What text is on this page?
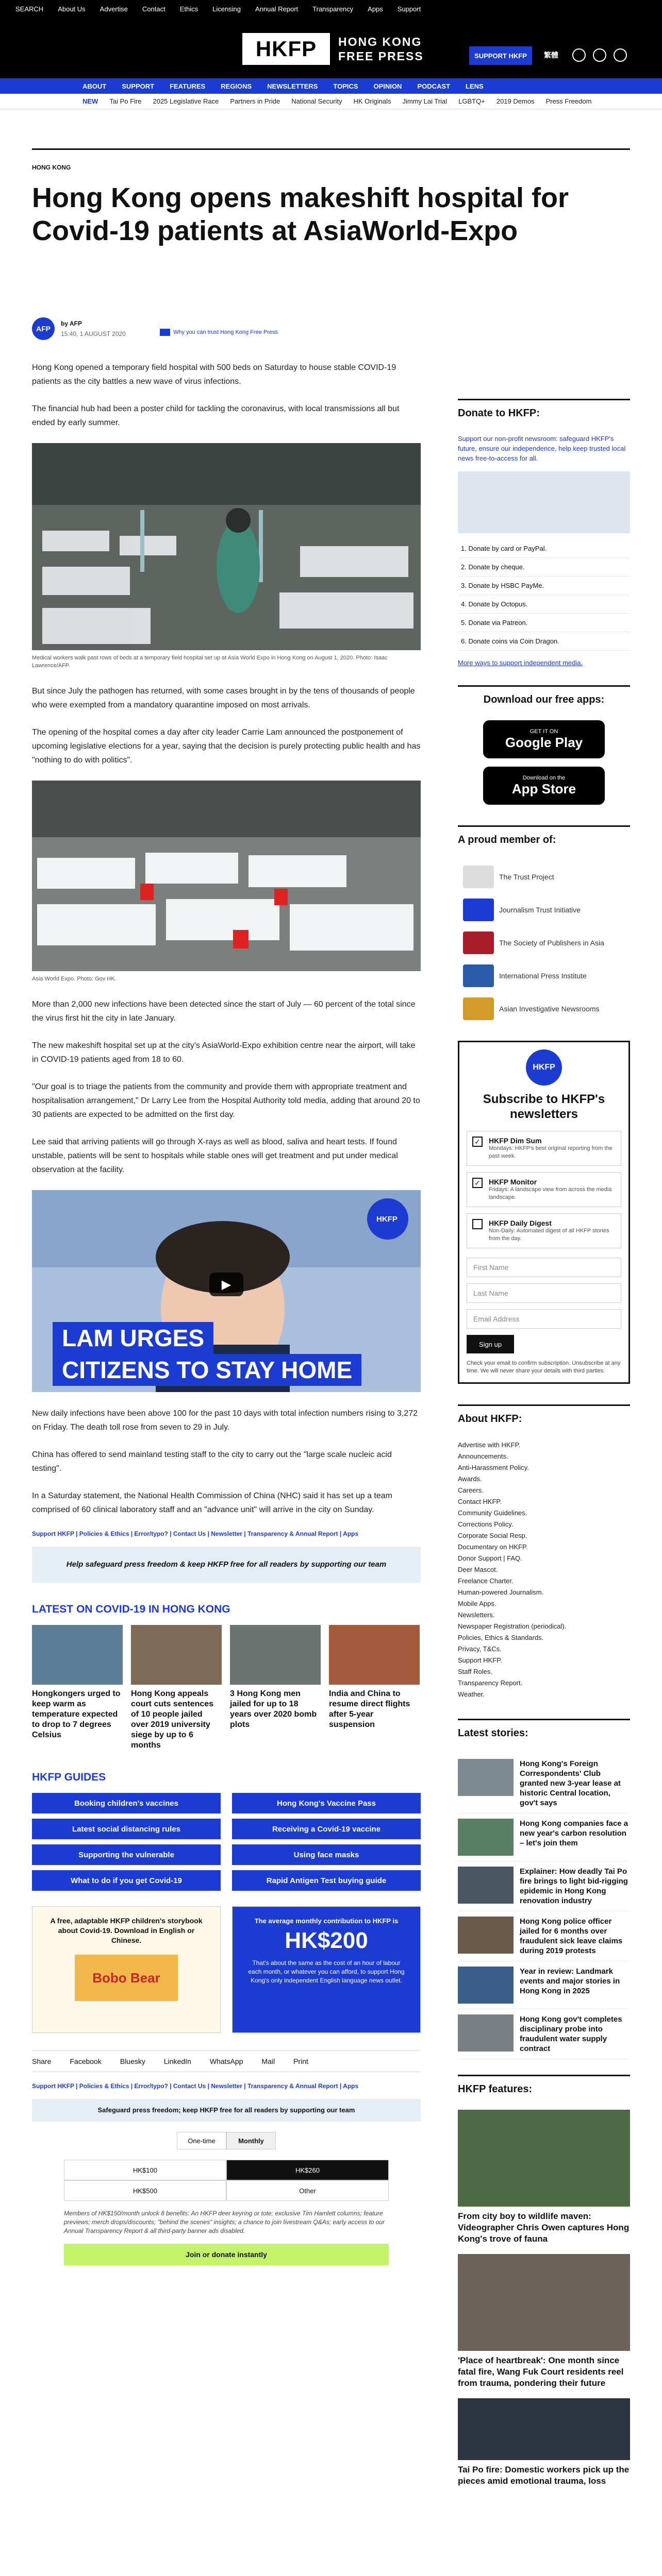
SEARCH About Us Advertise Contact Ethics Licensing Annual Report Transparency Apps Support
HKFP	HONG KONG
FREE PRESS	SUPPORT HKFP	繁體
ABOUT SUPPORT FEATURES REGIONS NEWSLETTERS TOPICS OPINION PODCAST LENS
NEW Tai Po Fire 2025 Legislative Race Partners in Pride National Security HK Originals Jimmy Lai Trial LGBTQ+ 2019 Demos Press Freedom
HONG KONG
Hong Kong opens makeshift hospital for Covid-19 patients at AsiaWorld-Expo
AFP
by AFP
15:40, 1 AUGUST 2020	Why you can trust Hong Kong Free Press

Hong Kong opened a temporary field hospital with 500 beds on Saturday to house stable COVID-19 patients as the city battles a new wave of virus infections.

The financial hub had been a poster child for tackling the coronavirus, with local transmissions all but ended by early summer.

Medical workers walk past rows of beds at a temporary field hospital set up at Asia World Expo in Hong Kong on August 1, 2020. Photo: Isaac Lawrence/AFP.

But since July the pathogen has returned, with some cases brought in by the tens of thousands of people who were exempted from a mandatory quarantine imposed on most arrivals.

The opening of the hospital comes a day after city leader Carrie Lam announced the postponement of upcoming legislative elections for a year, saying that the decision is purely protecting public health and has "nothing to do with politics".

Asia World Expo. Photo: Gov HK.

More than 2,000 new infections have been detected since the start of July — 60 percent of the total since the virus first hit the city in late January.

The new makeshift hospital set up at the city's AsiaWorld-Expo exhibition centre near the airport, will take in COVID-19 patients aged from 18 to 60.

"Our goal is to triage the patients from the community and provide them with appropriate treatment and hospitalisation arrangement," Dr Larry Lee from the Hospital Authority told media, adding that around 20 to 30 patients are expected to be admitted on the first day.

Lee said that arriving patients will go through X-rays as well as blood, saliva and heart tests. If found unstable, patients will be sent to hospitals while stable ones will get treatment and put under medical observation at the facility.

HKFP
▶
LAM URGES
CITIZENS TO STAY HOME

New daily infections have been above 100 for the past 10 days with total infection numbers rising to 3,272 on Friday. The death toll rose from seven to 29 in July.

China has offered to send mainland testing staff to the city to carry out the "large scale nucleic acid testing".

In a Saturday statement, the National Health Commission of China (NHC) said it has set up a team comprised of 60 clinical laboratory staff and an "advance unit" will arrive in the city on Sunday.

Support HKFP | Policies & Ethics | Error/typo? | Contact Us | Newsletter | Transparency & Annual Report | Apps
Help safeguard press freedom & keep HKFP free for all readers by supporting our team
LATEST ON COVID-19 IN HONG KONG
Hongkongers urged to keep warm as temperature expected to drop to 7 degrees Celsius
Hong Kong appeals court cuts sentences of 10 people jailed over 2019 university siege by up to 6 months
3 Hong Kong men jailed for up to 18 years over 2020 bomb plots
India and China to resume direct flights after 5-year suspension
HKFP GUIDES
Booking children's vaccines	Hong Kong's Vaccine Pass
Latest social distancing rules	Receiving a Covid-19 vaccine
Supporting the vulnerable	Using face masks
What to do if you get Covid-19	Rapid Antigen Test buying guide
A free, adaptable HKFP children's storybook about Covid-19. Download in English or Chinese.
Bobo Bear
The average monthly contribution to HKFP is
HK$200
That's about the same as the cost of an hour of labour each month, or whatever you can afford, to support Hong Kong's only independent English language news outlet.
Share	Facebook	Bluesky	LinkedIn	WhatsApp	Mail	Print
Support HKFP | Policies & Ethics | Error/typo? | Contact Us | Newsletter | Transparency & Annual Report | Apps
Safeguard press freedom; keep HKFP free for all readers by supporting our team
One-time	Monthly
HK$100	HK$260
HK$500	Other
Members of HK$150/month unlock 8 benefits: An HKFP deer keyring or tote; exclusive Tim Hamlett columns; feature previews; merch drops/discounts; "behind the scenes" insights; a chance to join livestream Q&As; early access to our Annual Transparency Report & all third-party banner ads disabled.
Join or donate instantly
Donate to HKFP:
Support our non-profit newsroom: safeguard HKFP's future, ensure our independence, help keep trusted local news free-to-access for all.
1. Donate by card or PayPal.
2. Donate by cheque.
3. Donate by HSBC PayMe.
4. Donate by Octopus.
5. Donate via Patreon.
6. Donate coins via Coin Dragon.
More ways to support independent media.
Download our free apps:
GET IT ON
Google Play
Download on the
App Store
A proud member of:
The Trust Project
Journalism Trust Initiative
The Society of Publishers in Asia
International Press Institute
Asian Investigative Newsrooms
HKFP
Subscribe to HKFP's newsletters
✓ HKFP Dim Sum
Mondays: HKFP's best original reporting from the past week.
✓ HKFP Monitor
Fridays: A landscape view from across the media landscape.
HKFP Daily Digest
Non-Daily: Automated digest of all HKFP stories from the day.
First Name
Last Name
Email Address
Sign up
Check your email to confirm subscription. Unsubscribe at any time. We will never share your details with third parties.
About HKFP:
Advertise with HKFP.
Announcements.
Anti-Harassment Policy.
Awards.
Careers.
Contact HKFP.
Community Guidelines.
Corrections Policy.
Corporate Social Resp.
Documentary on HKFP.
Donor Support | FAQ.
Deer Mascot.
Freelance Charter.
Human-powered Journalism.
Mobile Apps.
Newsletters.
Newspaper Registration (periodical).
Policies, Ethics & Standards.
Privacy, T&Cs.
Support HKFP.
Staff Roles.
Transparency Report.
Weather.
Latest stories:
Hong Kong's Foreign Correspondents' Club granted new 3-year lease at historic Central location, gov't says
Hong Kong companies face a new year's carbon resolution – let's join them
Explainer: How deadly Tai Po fire brings to light bid-rigging epidemic in Hong Kong renovation industry
Hong Kong police officer jailed for 6 months over fraudulent sick leave claims during 2019 protests
Year in review: Landmark events and major stories in Hong Kong in 2025
Hong Kong gov't completes disciplinary probe into fraudulent water supply contract
HKFP features:
From city boy to wildlife maven: Videographer Chris Owen captures Hong Kong's trove of fauna
'Place of heartbreak': One month since fatal fire, Wang Fuk Court residents reel from trauma, pondering their future
Tai Po fire: Domestic workers pick up the pieces amid emotional trauma, loss
